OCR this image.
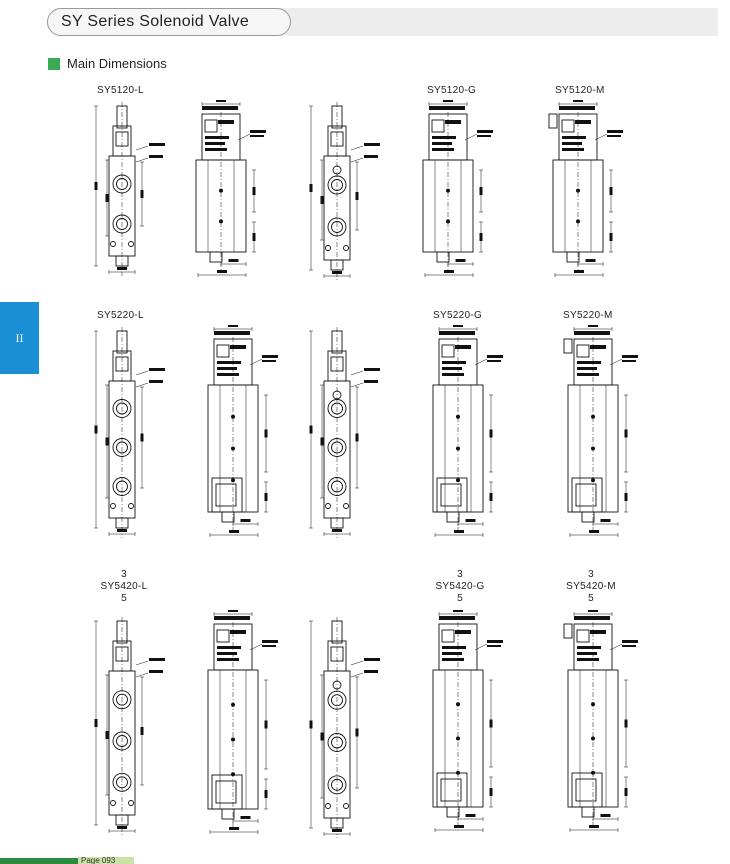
SY Series Solenoid Valve
Main Dimensions
II
SY5120-L	SY5120-G	SY5120-M
SY5220-L	SY5220-G	SY5220-M
3
SY5420-L
5
3
SY5420-G
5
3
SY5420-M
5
Page 093
